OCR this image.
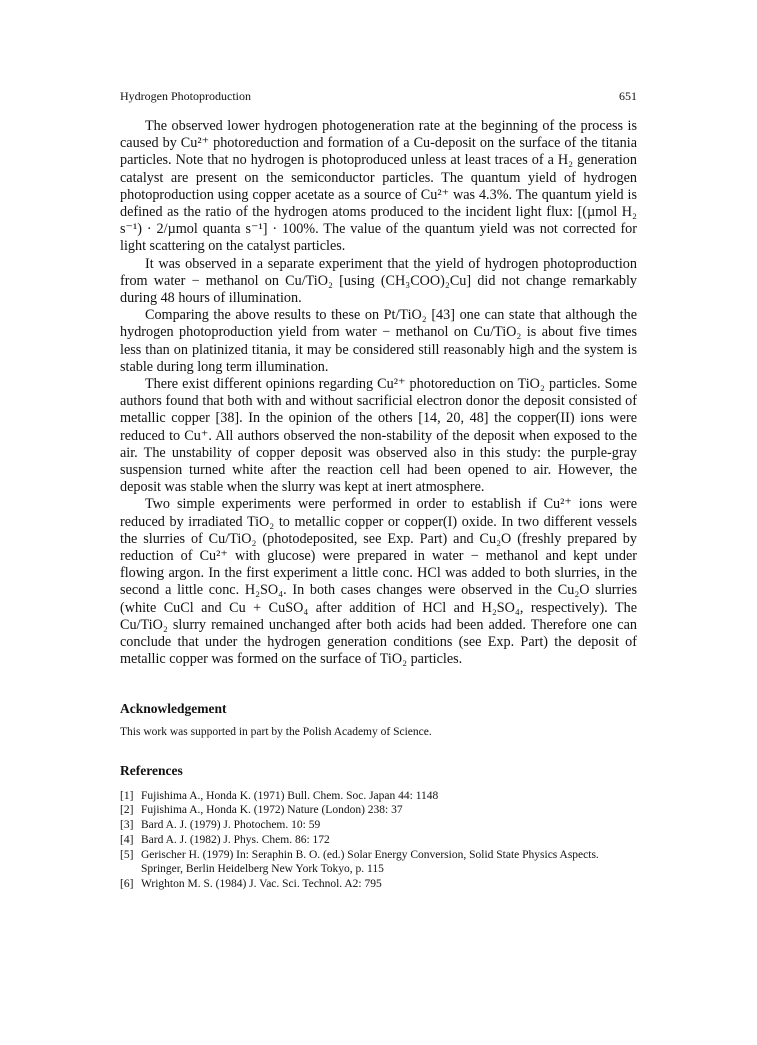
Hydrogen Photoproduction	651

The observed lower hydrogen photogeneration rate at the beginning of the process is caused by Cu²⁺ photoreduction and formation of a Cu-deposit on the surface of the titania particles. Note that no hydrogen is photoproduced unless at least traces of a H₂ generation catalyst are present on the semiconductor particles. The quantum yield of hydrogen photoproduction using copper acetate as a source of Cu²⁺ was 4.3%. The quantum yield is defined as the ratio of the hydrogen atoms produced to the incident light flux: [(µmol H₂ s⁻¹) · 2/µmol quanta s⁻¹] · 100%. The value of the quantum yield was not corrected for light scattering on the catalyst particles.

It was observed in a separate experiment that the yield of hydrogen photoproduction from water − methanol on Cu/TiO₂ [using (CH₃COO)₂Cu] did not change remarkably during 48 hours of illumination.

Comparing the above results to these on Pt/TiO₂ [43] one can state that although the hydrogen photoproduction yield from water − methanol on Cu/TiO₂ is about five times less than on platinized titania, it may be considered still reasonably high and the system is stable during long term illumination.

There exist different opinions regarding Cu²⁺ photoreduction on TiO₂ particles. Some authors found that both with and without sacrificial electron donor the deposit consisted of metallic copper [38]. In the opinion of the others [14, 20, 48] the copper(II) ions were reduced to Cu⁺. All authors observed the non-stability of the deposit when exposed to the air. The unstability of copper deposit was observed also in this study: the purple-gray suspension turned white after the reaction cell had been opened to air. However, the deposit was stable when the slurry was kept at inert atmosphere.

Two simple experiments were performed in order to establish if Cu²⁺ ions were reduced by irradiated TiO₂ to metallic copper or copper(I) oxide. In two different vessels the slurries of Cu/TiO₂ (photodeposited, see Exp. Part) and Cu₂O (freshly prepared by reduction of Cu²⁺ with glucose) were prepared in water − methanol and kept under flowing argon. In the first experiment a little conc. HCl was added to both slurries, in the second a little conc. H₂SO₄. In both cases changes were observed in the Cu₂O slurries (white CuCl and Cu + CuSO₄ after addition of HCl and H₂SO₄, respectively). The Cu/TiO₂ slurry remained unchanged after both acids had been added. Therefore one can conclude that under the hydrogen generation conditions (see Exp. Part) the deposit of metallic copper was formed on the surface of TiO₂ particles.

Acknowledgement

This work was supported in part by the Polish Academy of Science.

References
[1] Fujishima A., Honda K. (1971) Bull. Chem. Soc. Japan 44: 1148
[2] Fujishima A., Honda K. (1972) Nature (London) 238: 37
[3] Bard A. J. (1979) J. Photochem. 10: 59
[4] Bard A. J. (1982) J. Phys. Chem. 86: 172
[5] Gerischer H. (1979) In: Seraphin B. O. (ed.) Solar Energy Conversion, Solid State Physics Aspects. Springer, Berlin Heidelberg New York Tokyo, p. 115
[6] Wrighton M. S. (1984) J. Vac. Sci. Technol. A2: 795
